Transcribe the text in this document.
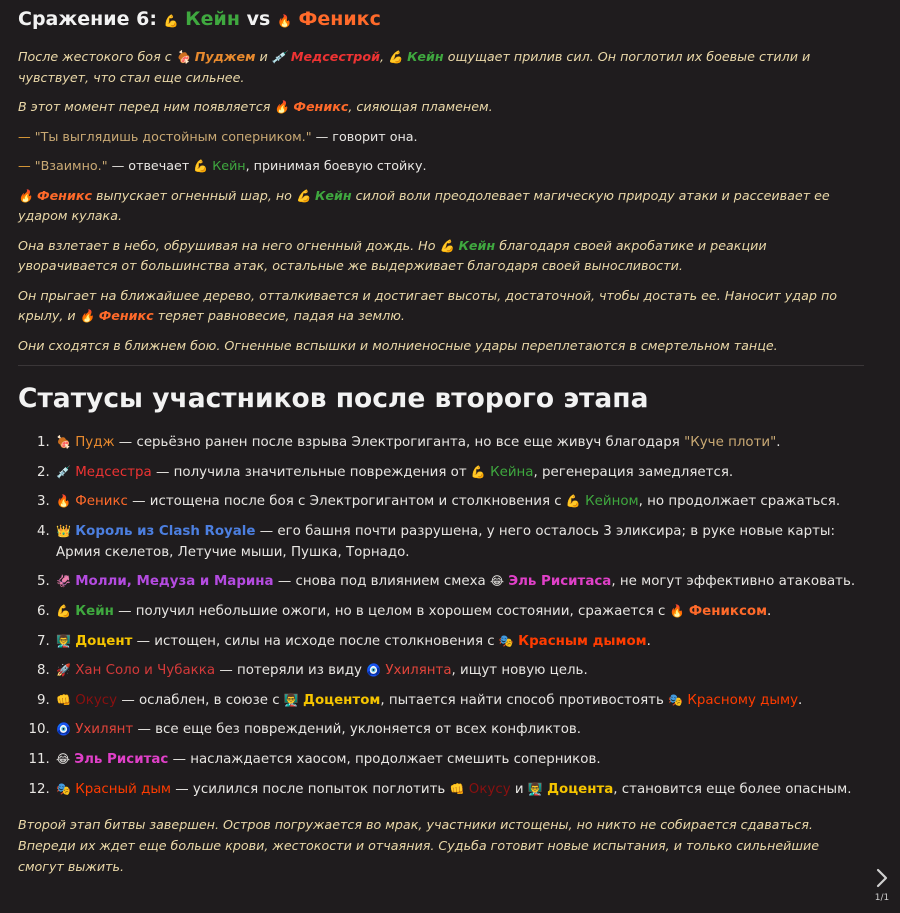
Сражение 6: 💪 Кейн vs 🔥 Феникс

После жестокого боя с 🍖 Пуджем и 💉 Медсестрой, 💪 Кейн ощущает прилив сил. Он поглотил их боевые стили и чувствует, что стал еще сильнее.

В этот момент перед ним появляется 🔥 Феникс, сияющая пламенем.

— "Ты выглядишь достойным соперником." — говорит она.

— "Взаимно." — отвечает 💪 Кейн, принимая боевую стойку.

🔥 Феникс выпускает огненный шар, но 💪 Кейн силой воли преодолевает магическую природу атаки и рассеивает ее ударом кулака.

Она взлетает в небо, обрушивая на него огненный дождь. Но 💪 Кейн благодаря своей акробатике и реакции уворачивается от большинства атак, остальные же выдерживает благодаря своей выносливости.

Он прыгает на ближайшее дерево, отталкивается и достигает высоты, достаточной, чтобы достать ее. Наносит удар по крылу, и 🔥 Феникс теряет равновесие, падая на землю.

Они сходятся в ближнем бою. Огненные вспышки и молниеносные удары переплетаются в смертельном танце.

Статусы участников после второго этапа
1. 🍖 Пудж — серьёзно ранен после взрыва Электрогиганта, но все еще живуч благодаря "Куче плоти".
2. 💉 Медсестра — получила значительные повреждения от 💪 Кейна, регенерация замедляется.
3. 🔥 Феникс — истощена после боя с Электрогигантом и столкновения с 💪 Кейном, но продолжает сражаться.
4. 👑 Король из Clash Royale — его башня почти разрушена, у него осталось 3 эликсира; в руке новые карты: Армия скелетов, Летучие мыши, Пушка, Торнадо.
5. 🦑 Молли, Медуза и Марина — снова под влиянием смеха 😂 Эль Риситаса, не могут эффективно атаковать.
6. 💪 Кейн — получил небольшие ожоги, но в целом в хорошем состоянии, сражается с 🔥 Фениксом.
7. 👨‍🏫 Доцент — истощен, силы на исходе после столкновения с 🎭 Красным дымом.
8. 🚀 Хан Соло и Чубакка — потеряли из виду 🧿 Ухилянта, ищут новую цель.
9. 👊 Окусу — ослаблен, в союзе с 👨‍🏫 Доцентом, пытается найти способ противостоять 🎭 Красному дыму.
10. 🧿 Ухилянт — все еще без повреждений, уклоняется от всех конфликтов.
11. 😂 Эль Риситас — наслаждается хаосом, продолжает смешить соперников.
12. 🎭 Красный дым — усилился после попыток поглотить 👊 Окусу и 👨‍🏫 Доцента, становится еще более опасным.

Второй этап битвы завершен. Остров погружается во мрак, участники истощены, но никто не собирается сдаваться. Впереди их ждет еще больше крови, жестокости и отчаяния. Судьба готовит новые испытания, и только сильнейшие смогут выжить.

1/1
